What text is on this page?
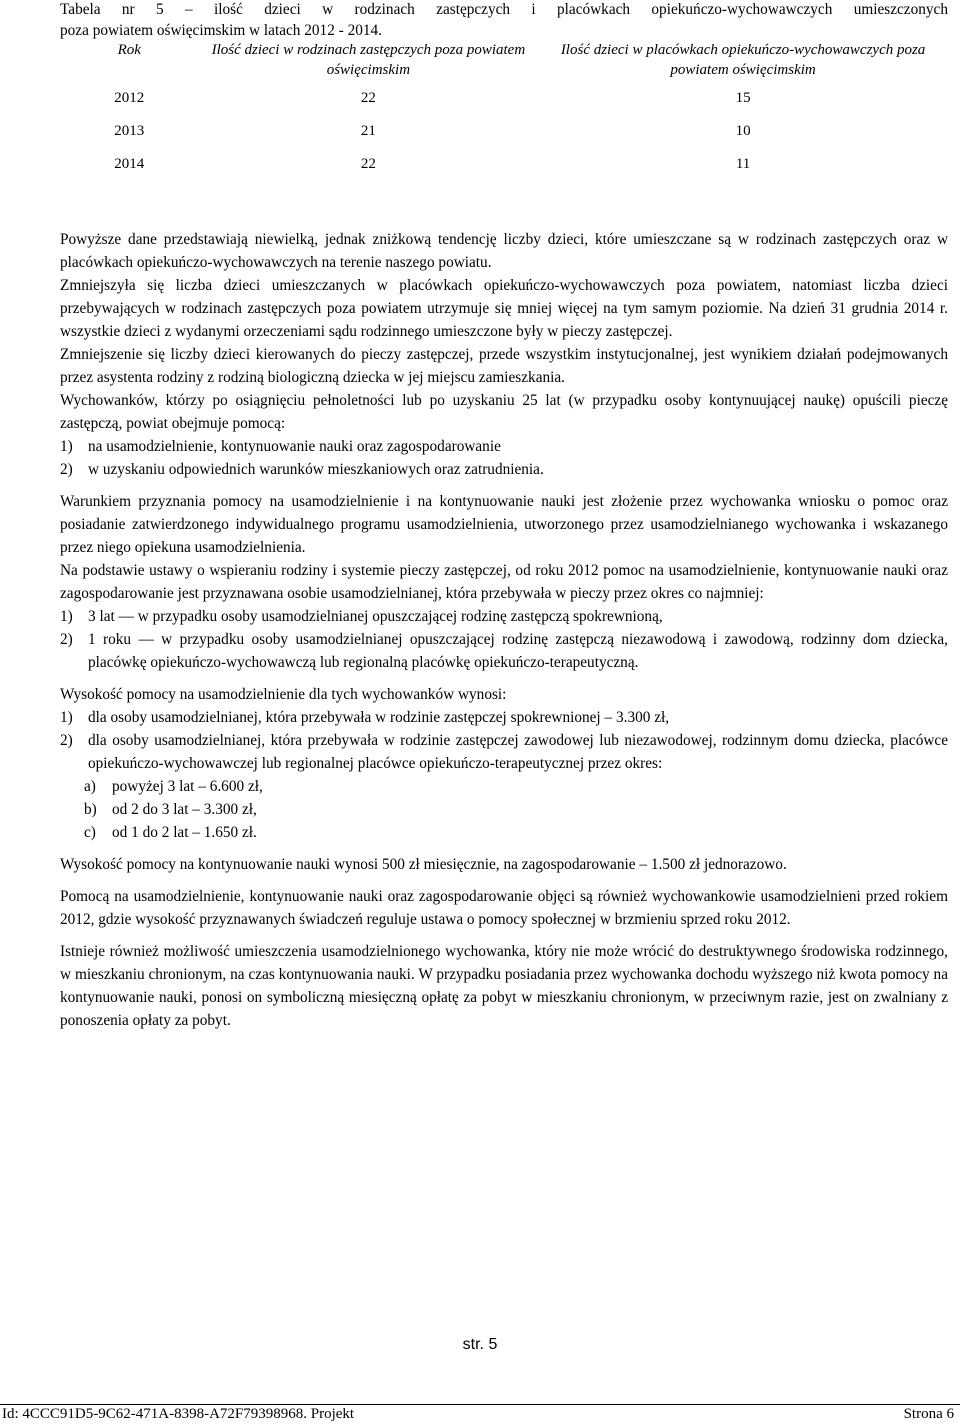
Tabela nr 5 – ilość dzieci w rodzinach zastępczych i placówkach opiekuńczo-wychowawczych umieszczonych
poza powiatem oświęcimskim w latach 2012 - 2014.
Rok	Ilość dzieci w rodzinach zastępczych poza powiatem oświęcimskim	Ilość dzieci w placówkach opiekuńczo-wychowawczych poza powiatem oświęcimskim
2012	22	15
2013	21	10
2014	22	11

Powyższe dane przedstawiają niewielką, jednak zniżkową tendencję liczby dzieci, które umieszczane są w rodzinach zastępczych oraz w placówkach opiekuńczo-wychowawczych na terenie naszego powiatu.

Zmniejszyła się liczba dzieci umieszczanych w placówkach opiekuńczo-wychowawczych poza powiatem, natomiast liczba dzieci przebywających w rodzinach zastępczych poza powiatem utrzymuje się mniej więcej na tym samym poziomie. Na dzień 31 grudnia 2014 r. wszystkie dzieci z wydanymi orzeczeniami sądu rodzinnego umieszczone były w pieczy zastępczej.

Zmniejszenie się liczby dzieci kierowanych do pieczy zastępczej, przede wszystkim instytucjonalnej, jest wynikiem działań podejmowanych przez asystenta rodziny z rodziną biologiczną dziecka w jej miejscu zamieszkania.

Wychowanków, którzy po osiągnięciu pełnoletności lub po uzyskaniu 25 lat (w przypadku osoby kontynuującej naukę) opuścili pieczę zastępczą, powiat obejmuje pomocą:

1) na usamodzielnienie, kontynuowanie nauki oraz zagospodarowanie
2) w uzyskaniu odpowiednich warunków mieszkaniowych oraz zatrudnienia.

Warunkiem przyznania pomocy na usamodzielnienie i na kontynuowanie nauki jest złożenie przez wychowanka wniosku o pomoc oraz posiadanie zatwierdzonego indywidualnego programu usamodzielnienia, utworzonego przez usamodzielnianego wychowanka i wskazanego przez niego opiekuna usamodzielnienia.

Na podstawie ustawy o wspieraniu rodziny i systemie pieczy zastępczej, od roku 2012 pomoc na usamodzielnienie, kontynuowanie nauki oraz zagospodarowanie jest przyznawana osobie usamodzielnianej, która przebywała w pieczy przez okres co najmniej:

1) 3 lat — w przypadku osoby usamodzielnianej opuszczającej rodzinę zastępczą spokrewnioną,
2) 1 roku — w przypadku osoby usamodzielnianej opuszczającej rodzinę zastępczą niezawodową i zawodową, rodzinny dom dziecka, placówkę opiekuńczo-wychowawczą lub regionalną placówkę opiekuńczo-terapeutyczną.

Wysokość pomocy na usamodzielnienie dla tych wychowanków wynosi:

1) dla osoby usamodzielnianej, która przebywała w rodzinie zastępczej spokrewnionej – 3.300 zł,
2) dla osoby usamodzielnianej, która przebywała w rodzinie zastępczej zawodowej lub niezawodowej, rodzinnym domu dziecka, placówce opiekuńczo-wychowawczej lub regionalnej placówce opiekuńczo-terapeutycznej przez okres:
a)	powyżej 3 lat – 6.600 zł,
b) od 2 do 3 lat – 3.300 zł,
c)	od 1 do 2 lat – 1.650 zł.

Wysokość pomocy na kontynuowanie nauki wynosi 500 zł miesięcznie, na zagospodarowanie – 1.500 zł jednorazowo.

Pomocą na usamodzielnienie, kontynuowanie nauki oraz zagospodarowanie objęci są również wychowankowie usamodzielnieni przed rokiem 2012, gdzie wysokość przyznawanych świadczeń reguluje ustawa o pomocy społecznej w brzmieniu sprzed roku 2012.

Istnieje również możliwość umieszczenia usamodzielnionego wychowanka, który nie może wrócić do destruktywnego środowiska rodzinnego, w mieszkaniu chronionym, na czas kontynuowania nauki. W przypadku posiadania przez wychowanka dochodu wyższego niż kwota pomocy na kontynuowanie nauki, ponosi on symboliczną miesięczną opłatę za pobyt w mieszkaniu chronionym, w przeciwnym razie, jest on zwalniany z ponoszenia opłaty za pobyt.

str. 5
Id: 4CCC91D5-9C62-471A-8398-A72F79398968. Projekt	Strona 6
